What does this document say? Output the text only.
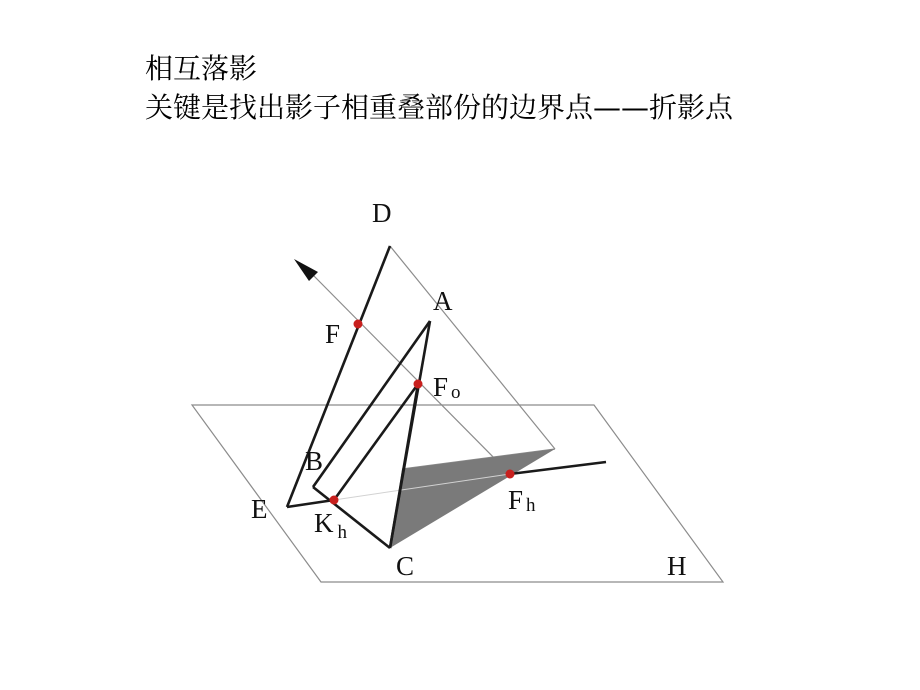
相互落影
关键是找出影子相重叠部份的边界点——折影点
D
A
F
F o
B
E K $_h$
F h
C	H
